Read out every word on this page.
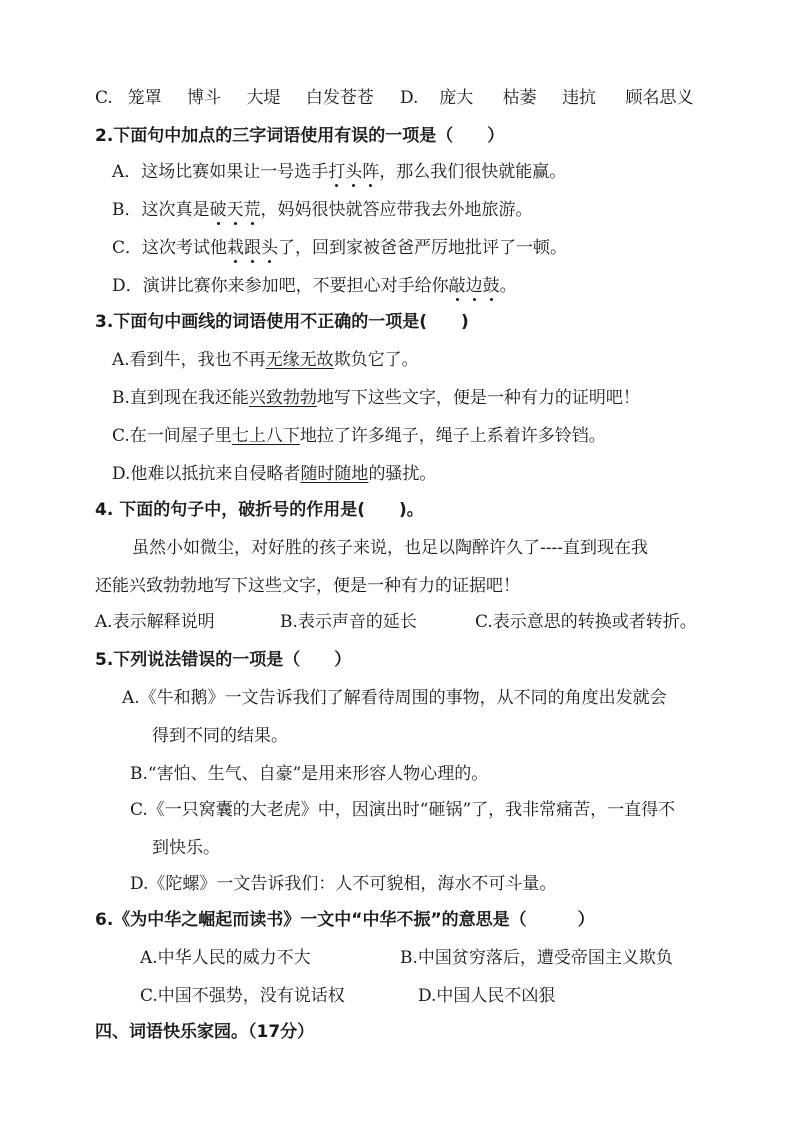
C. 笼罩 博斗 大堤 白发苍苍 D. 庞大 枯萎 违抗 顾名思义
2.下面句中加点的三字词语使用有误的一项是（　　）
A．这场比赛如果让一号选手打头阵，那么我们很快就能赢。
B．这次真是破天荒，妈妈很快就答应带我去外地旅游。
C．这次考试他栽跟头了，回到家被爸爸严厉地批评了一顿。
D．演讲比赛你来参加吧，不要担心对手给你敲边鼓。
3.下面句中画线的词语使用不正确的一项是(　　)
A.看到牛，我也不再无缘无故欺负它了。
B.直到现在我还能兴致勃勃地写下这些文字，便是一种有力的证明吧！
C.在一间屋子里七上八下地拉了许多绳子，绳子上系着许多铃铛。
D.他难以抵抗来自侵略者随时随地的骚扰。
4. 下面的句子中，破折号的作用是(　　)。
虽然小如微尘，对好胜的孩子来说，也足以陶醉许久了----直到现在我
还能兴致勃勃地写下这些文字，便是一种有力的证据吧！
A.表示解释说明	B.表示声音的延长	C.表示意思的转换或者转折。
5.下列说法错误的一项是（　　）
A.《牛和鹅》一文告诉我们了解看待周围的事物，从不同的角度出发就会
得到不同的结果。
B.“害怕、生气、自豪”是用来形容人物心理的。
C.《一只窝囊的大老虎》中，因演出时“砸锅”了，我非常痛苦，一直得不
到快乐。
D.《陀螺》一文告诉我们：人不可貌相，海水不可斗量。
6.《为中华之崛起而读书》一文中“中华不振”的意思是（　　　）
A.中华人民的威力不大	B.中国贫穷落后，遭受帝国主义欺负
C.中国不强势，没有说话权	D.中国人民不凶狠
四、词语快乐家园。（17分）
